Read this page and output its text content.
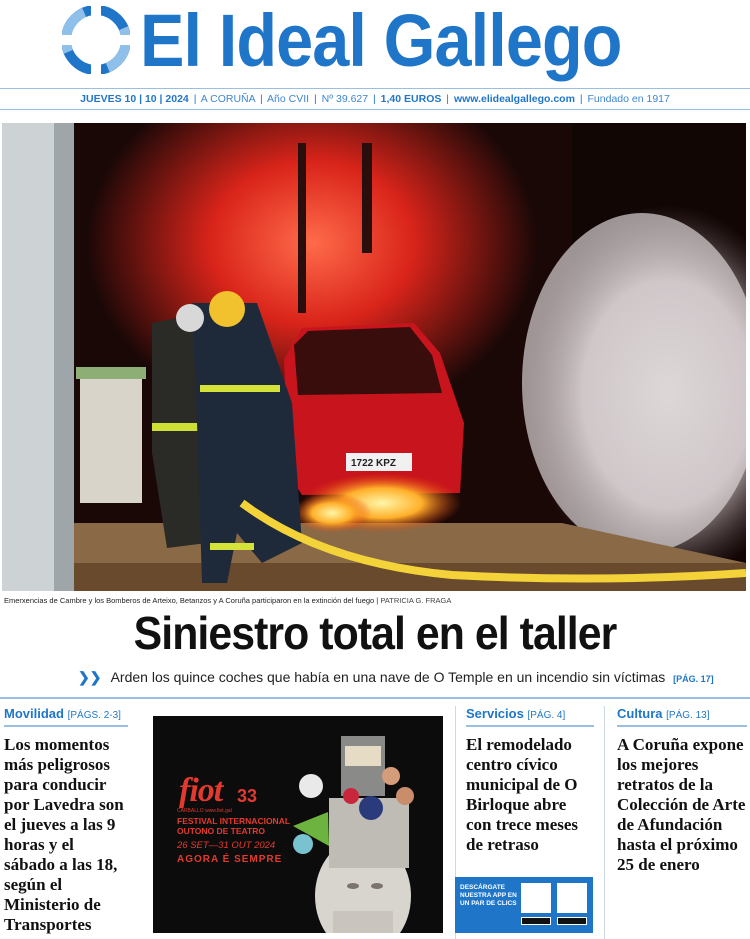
El Ideal Gallego
JUEVES 10 | 10 | 2024 | A CORUÑA | Año CVII | Nº 39.627 | 1,40 EUROS | www.elidealgallego.com | Fundado en 1917
1722 KPZ
Emerxencias de Cambre y los Bomberos de Arteixo, Betanzos y A Coruña participaron en la extinción del fuego | PATRICIA G. FRAGA
Siniestro total en el taller
❯❯ Arden los quince coches que había en una nave de O Temple en un incendio sin víctimas [PÁG. 17]
Movilidad [PÁGS. 2-3]
Los momentos más peligrosos para conducir por Lavedra son el jueves a las 9 horas y el sábado a las 18, según el Ministerio de Transportes
fiot 33
CARBALLO www.fiot.gal
FESTIVAL INTERNACIONAL OUTONO DE TEATRO
26 SET—31 OUT 2024
AGORA É SEMPRE
Servicios [PÁG. 4]
El remodelado centro cívico municipal de O Birloque abre con trece meses de retraso
DESCÁRGATE NUESTRA APP EN UN PAR DE CLICS
Cultura [PÁG. 13]
A Coruña expone los mejores retratos de la Colección de Arte de Afundación hasta el próximo 25 de enero
